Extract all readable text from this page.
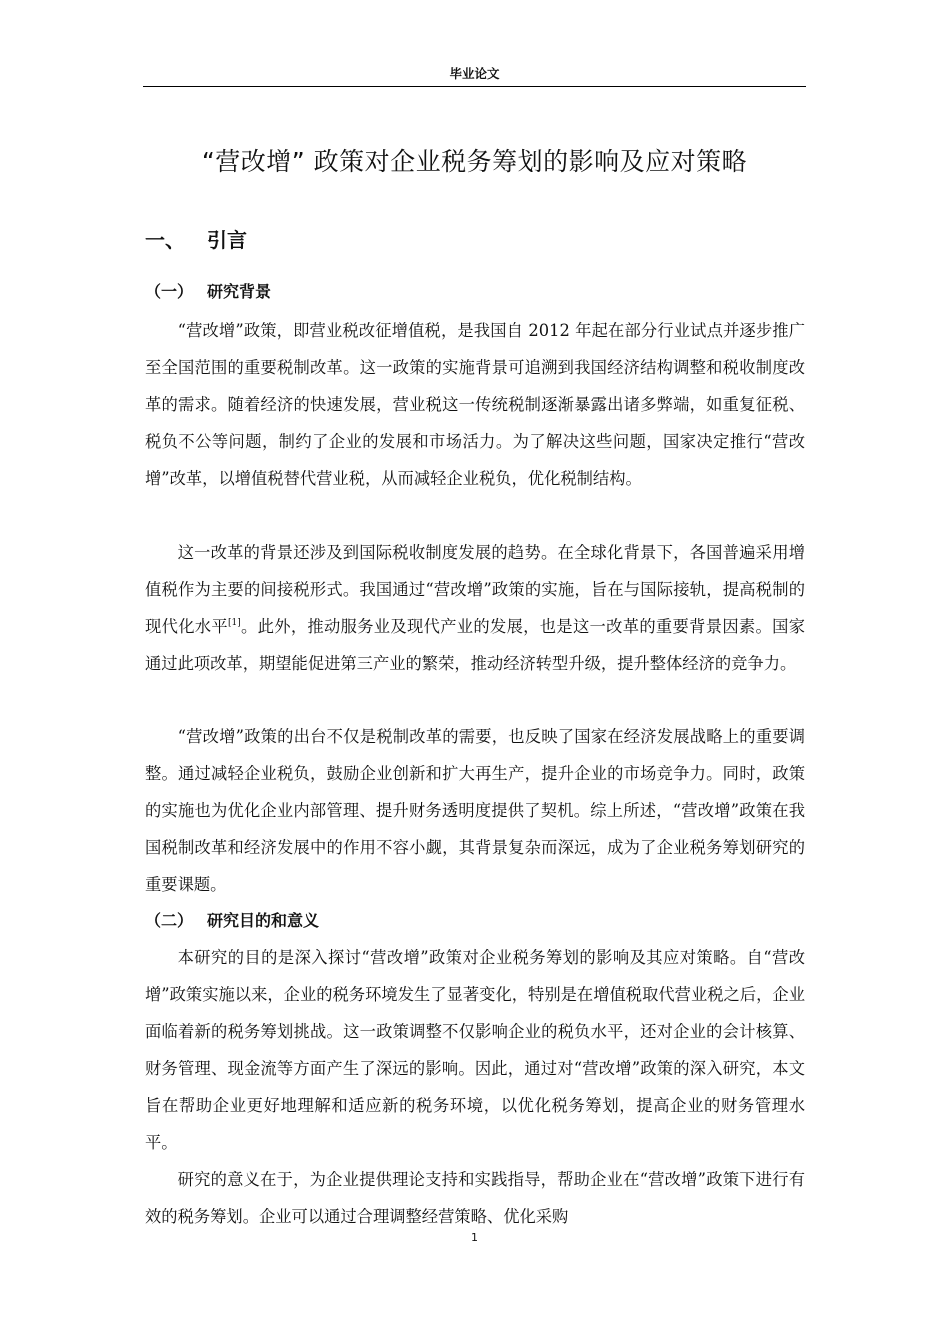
毕业论文
“营改增” 政策对企业税务筹划的影响及应对策略
一、 引言
（一） 研究背景

“营改增”政策，即营业税改征增值税，是我国自 2012 年起在部分行业试点并逐步推广至全国范围的重要税制改革。这一政策的实施背景可追溯到我国经济结构调整和税收制度改革的需求。随着经济的快速发展，营业税这一传统税制逐渐暴露出诸多弊端，如重复征税、税负不公等问题，制约了企业的发展和市场活力。为了解决这些问题，国家决定推行“营改增”改革，以增值税替代营业税，从而减轻企业税负，优化税制结构。

这一改革的背景还涉及到国际税收制度发展的趋势。在全球化背景下，各国普遍采用增值税作为主要的间接税形式。我国通过“营改增”政策的实施，旨在与国际接轨，提高税制的现代化水平[1]。此外，推动服务业及现代产业的发展，也是这一改革的重要背景因素。国家通过此项改革，期望能促进第三产业的繁荣，推动经济转型升级，提升整体经济的竞争力。

“营改增”政策的出台不仅是税制改革的需要，也反映了国家在经济发展战略上的重要调整。通过减轻企业税负，鼓励企业创新和扩大再生产，提升企业的市场竞争力。同时，政策的实施也为优化企业内部管理、提升财务透明度提供了契机。综上所述，“营改增”政策在我国税制改革和经济发展中的作用不容小觑，其背景复杂而深远，成为了企业税务筹划研究的重要课题。

（二） 研究目的和意义

本研究的目的是深入探讨“营改增”政策对企业税务筹划的影响及其应对策略。自“营改增”政策实施以来，企业的税务环境发生了显著变化，特别是在增值税取代营业税之后，企业面临着新的税务筹划挑战。这一政策调整不仅影响企业的税负水平，还对企业的会计核算、财务管理、现金流等方面产生了深远的影响。因此，通过对“营改增”政策的深入研究，本文旨在帮助企业更好地理解和适应新的税务环境，以优化税务筹划，提高企业的财务管理水平。

研究的意义在于，为企业提供理论支持和实践指导，帮助企业在“营改增”政策下进行有效的税务筹划。企业可以通过合理调整经营策略、优化采购

1
